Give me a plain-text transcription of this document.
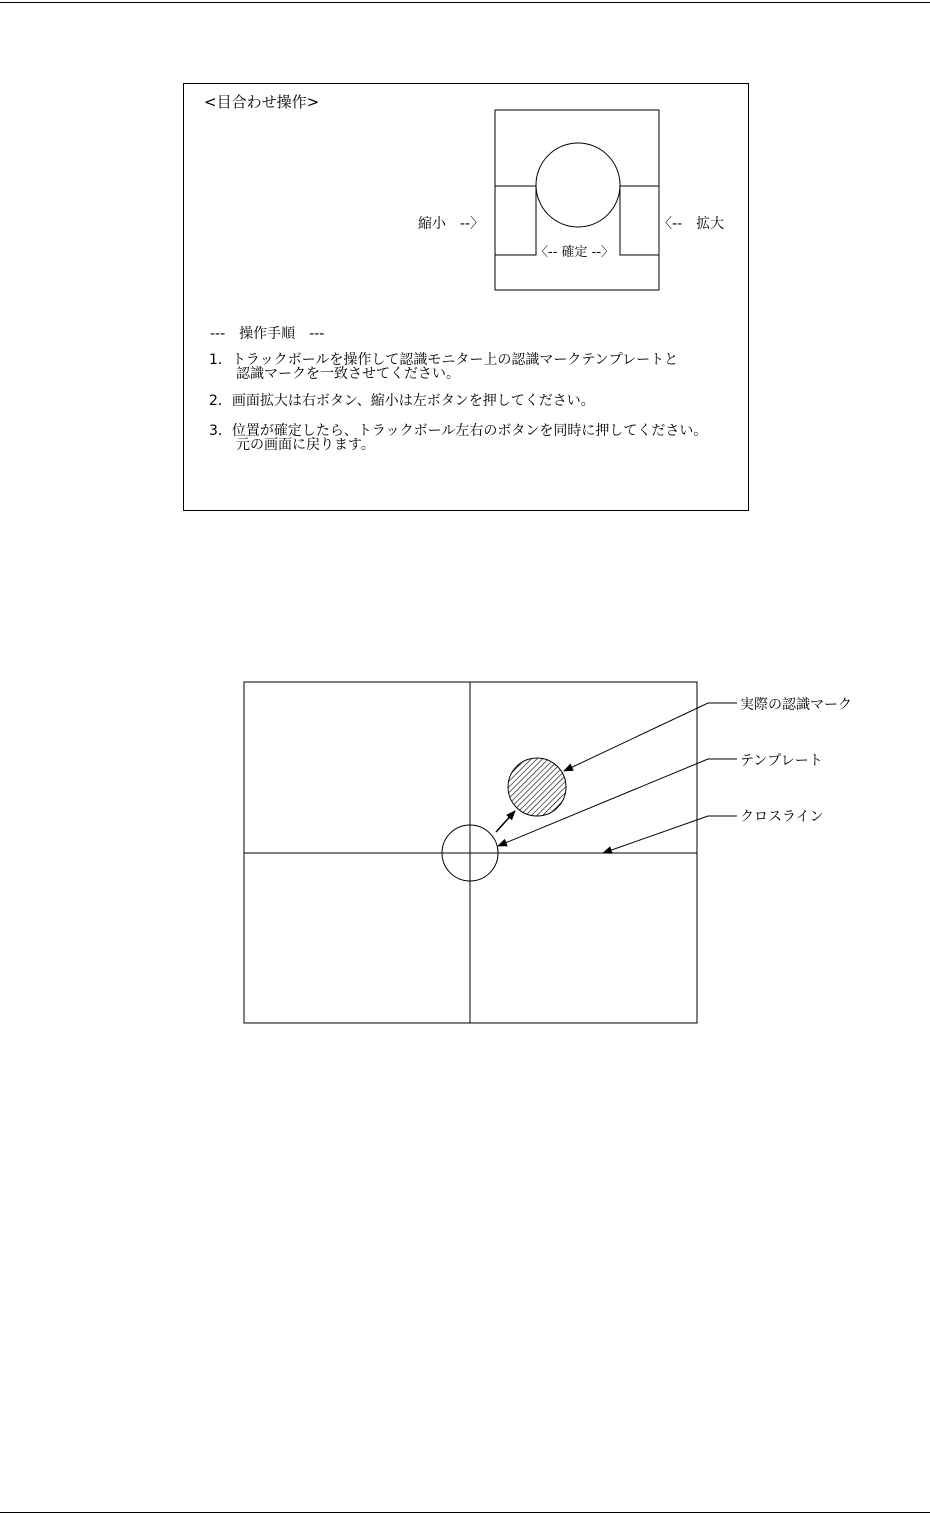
<目合わせ操作>
縮小　--〉	〈--　拡大
〈-- 確定 --〉
---　操作手順　---
1．トラックボールを操作して認識モニター上の認識マークテンプレートと
認識マークを一致させてください。
2．画面拡大は右ボタン、縮小は左ボタンを押してください。
3．位置が確定したら、トラックボール左右のボタンを同時に押してください。
元の画面に戻ります。
実際の認識マーク
テンプレート
クロスライン
